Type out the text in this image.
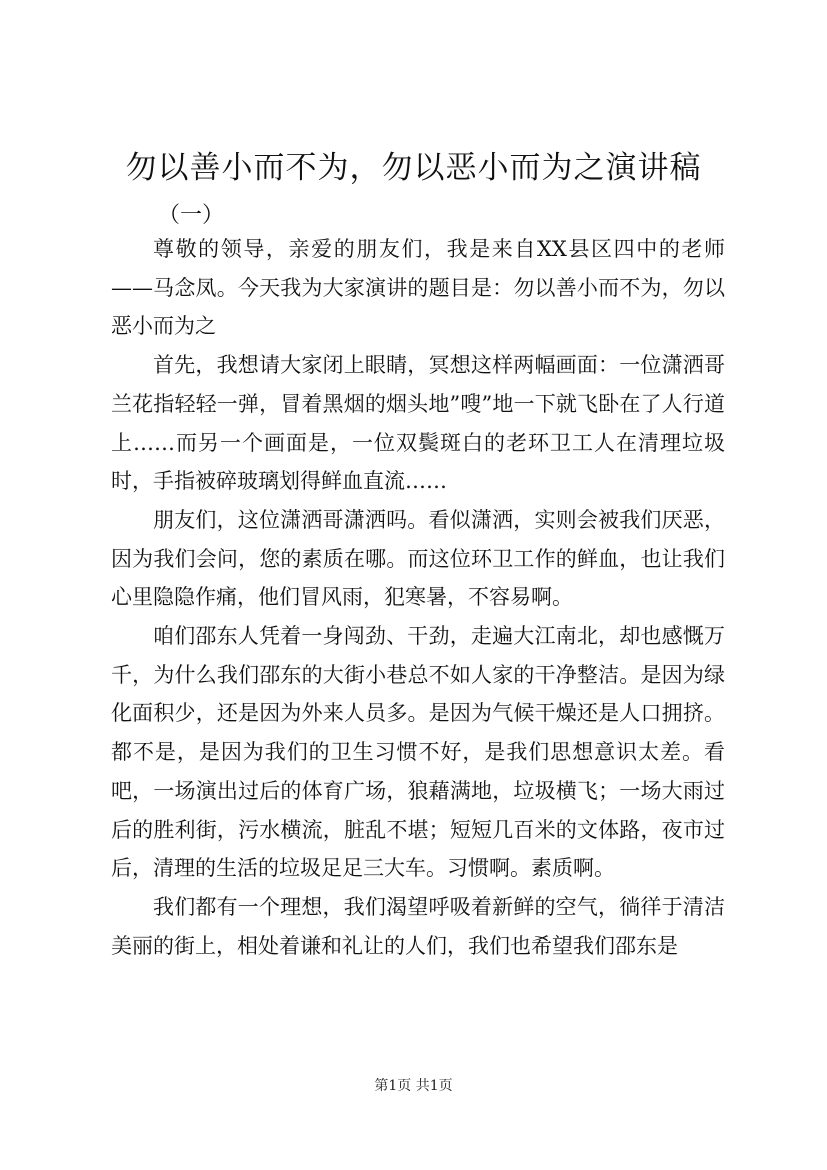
勿以善小而不为，勿以恶小而为之演讲稿
（一）

尊敬的领导，亲爱的朋友们，我是来自XX县区四中的老师——马念凤。今天我为大家演讲的题目是：勿以善小而不为，勿以恶小而为之

首先，我想请大家闭上眼睛，冥想这样两幅画面：一位潇洒哥兰花指轻轻一弹，冒着黑烟的烟头地”嗖”地一下就飞卧在了人行道上……而另一个画面是，一位双鬓斑白的老环卫工人在清理垃圾时，手指被碎玻璃划得鲜血直流……

朋友们，这位潇洒哥潇洒吗。看似潇洒，实则会被我们厌恶，因为我们会问，您的素质在哪。而这位环卫工作的鲜血，也让我们心里隐隐作痛，他们冒风雨，犯寒暑，不容易啊。

咱们邵东人凭着一身闯劲、干劲，走遍大江南北，却也感慨万千，为什么我们邵东的大街小巷总不如人家的干净整洁。是因为绿化面积少，还是因为外来人员多。是因为气候干燥还是人口拥挤。都不是，是因为我们的卫生习惯不好，是我们思想意识太差。看吧，一场演出过后的体育广场，狼藉满地，垃圾横飞；一场大雨过后的胜利街，污水横流，脏乱不堪；短短几百米的文体路，夜市过后，清理的生活的垃圾足足三大车。习惯啊。素质啊。

我们都有一个理想，我们渴望呼吸着新鲜的空气，徜徉于清洁美丽的街上，相处着谦和礼让的人们，我们也希望我们邵东是

第1页 共1页
